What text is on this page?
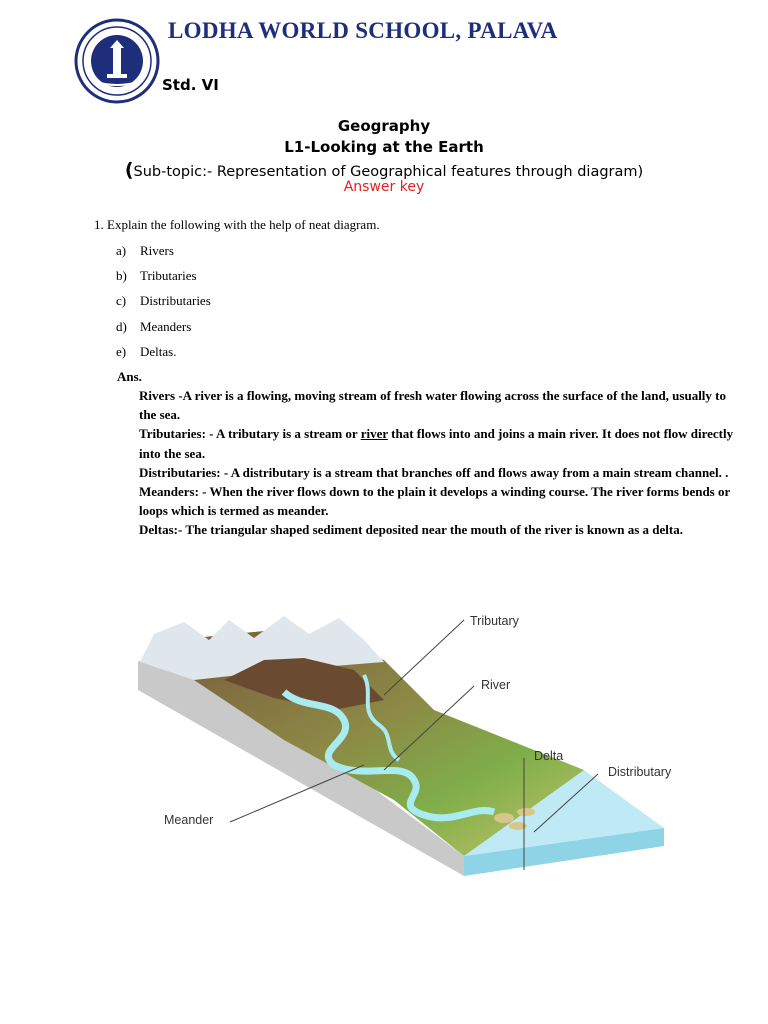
LODHA WORLD SCHOOL, PALAVA
Std. VI
Geography
L1-Looking at the Earth
(Sub-topic:- Representation of Geographical features through diagram)
Answer key
1. Explain the following with the help of neat diagram.
a) Rivers
b) Tributaries
c) Distributaries
d) Meanders
e) Deltas.
Ans.

Rivers -A river is a flowing, moving stream of fresh water flowing across the surface of the land, usually to the sea.

Tributaries: - A tributary is a stream or river that flows into and joins a main river. It does not flow directly into the sea.

Distributaries: - A distributary is a stream that branches off and flows away from a main stream channel. .

Meanders: - When the river flows down to the plain it develops a winding course. The river forms bends or loops which is termed as meander.

Deltas:- The triangular shaped sediment deposited near the mouth of the river is known as a delta.

Tributary
River
Delta
Distributary
Meander
